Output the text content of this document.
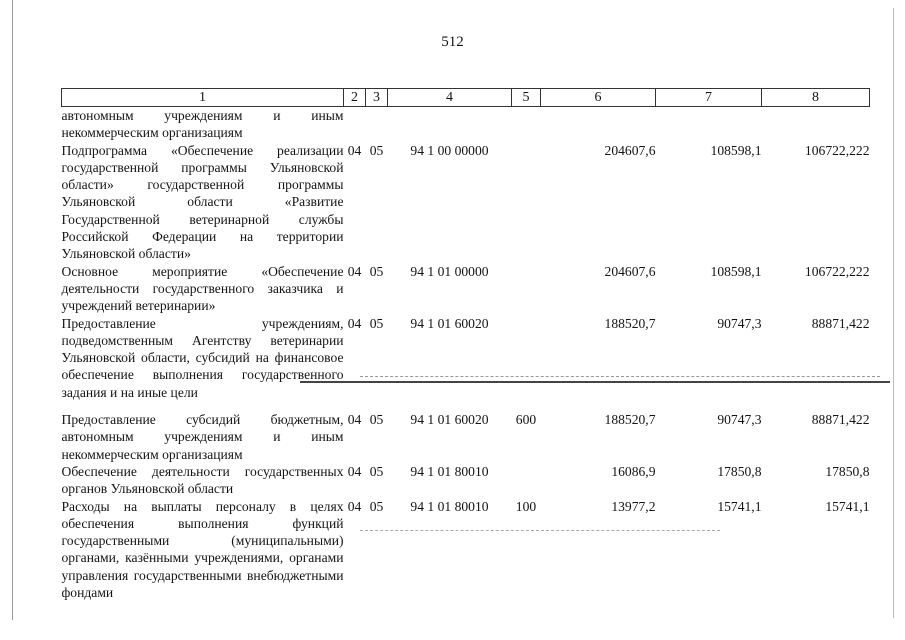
512
1	2	3	4	5	6	7	8
автономным учреждениям и иным некоммерческим организациям							
Подпрограмма «Обеспечение реализации государственной программы Ульяновской области» государственной программы Ульяновской области «Развитие Государственной ветеринарной службы Российской Федерации на территории Ульяновской области»	04	05	94 1 00 00000		204607,6	108598,1	106722,222
Основное мероприятие «Обеспечение деятельности государственного заказчика и учреждений ветеринарии»	04	05	94 1 01 00000		204607,6	108598,1	106722,222
Предоставление учреждениям, подведомственным Агентству ветеринарии Ульяновской области, субсидий на финансовое обеспечение выполнения государственного задания и на иные цели	04	05	94 1 01 60020		188520,7	90747,3	88871,422

Предоставление субсидий бюджетным, автономным учреждениям и иным некоммерческим организациям	04	05	94 1 01 60020	600	188520,7	90747,3	88871,422
Обеспечение деятельности государственных органов Ульяновской области	04	05	94 1 01 80010		16086,9	17850,8	17850,8
Расходы на выплаты персоналу в целях обеспечения выполнения функций государственными (муниципальными) органами, казёнными учреждениями, органами управления государственными внебюджетными фондами	04	05	94 1 01 80010	100	13977,2	15741,1	15741,1
